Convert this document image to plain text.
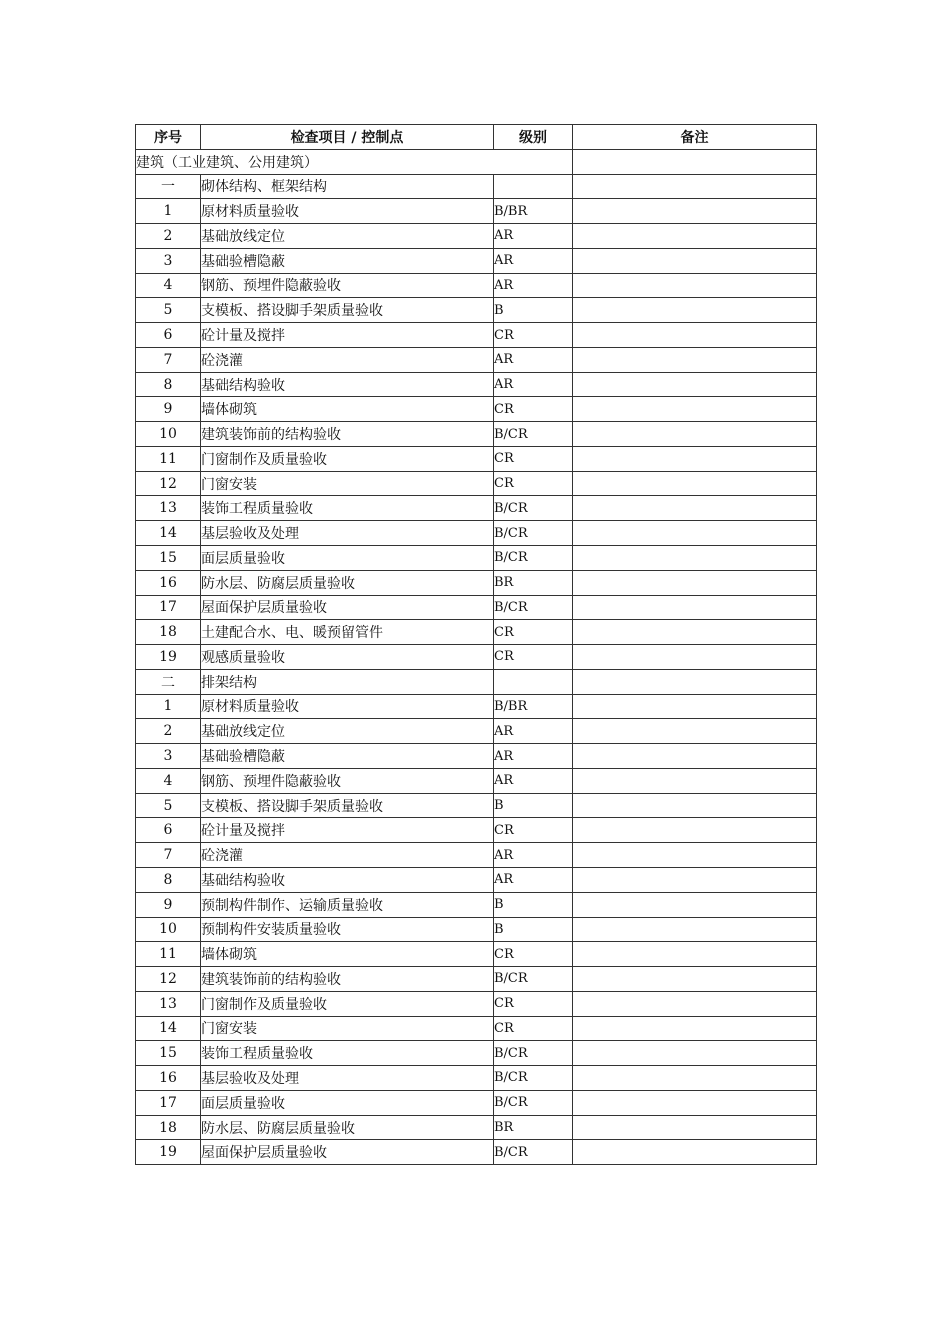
序号	检查项目 / 控制点	级别	备注
建筑（工业建筑、公用建筑）			
一	砌体结构、框架结构		
1	原材料质量验收	B/BR	
2	基础放线定位	AR	
3	基础验槽隐蔽	AR	
4	钢筋、预埋件隐蔽验收	AR	
5	支模板、搭设脚手架质量验收	B	
6	砼计量及搅拌	CR	
7	砼浇灌	AR	
8	基础结构验收	AR	
9	墙体砌筑	CR	
10	建筑装饰前的结构验收	B/CR	
11	门窗制作及质量验收	CR	
12	门窗安装	CR	
13	装饰工程质量验收	B/CR	
14	基层验收及处理	B/CR	
15	面层质量验收	B/CR	
16	防水层、防腐层质量验收	BR	
17	屋面保护层质量验收	B/CR	
18	土建配合水、电、暖预留管件	CR	
19	观感质量验收	CR	
二	排架结构		
1	原材料质量验收	B/BR	
2	基础放线定位	AR	
3	基础验槽隐蔽	AR	
4	钢筋、预埋件隐蔽验收	AR	
5	支模板、搭设脚手架质量验收	B	
6	砼计量及搅拌	CR	
7	砼浇灌	AR	
8	基础结构验收	AR	
9	预制构件制作、运输质量验收	B	
10	预制构件安装质量验收	B	
11	墙体砌筑	CR	
12	建筑装饰前的结构验收	B/CR	
13	门窗制作及质量验收	CR	
14	门窗安装	CR	
15	装饰工程质量验收	B/CR	
16	基层验收及处理	B/CR	
17	面层质量验收	B/CR	
18	防水层、防腐层质量验收	BR	
19	屋面保护层质量验收	B/CR	
